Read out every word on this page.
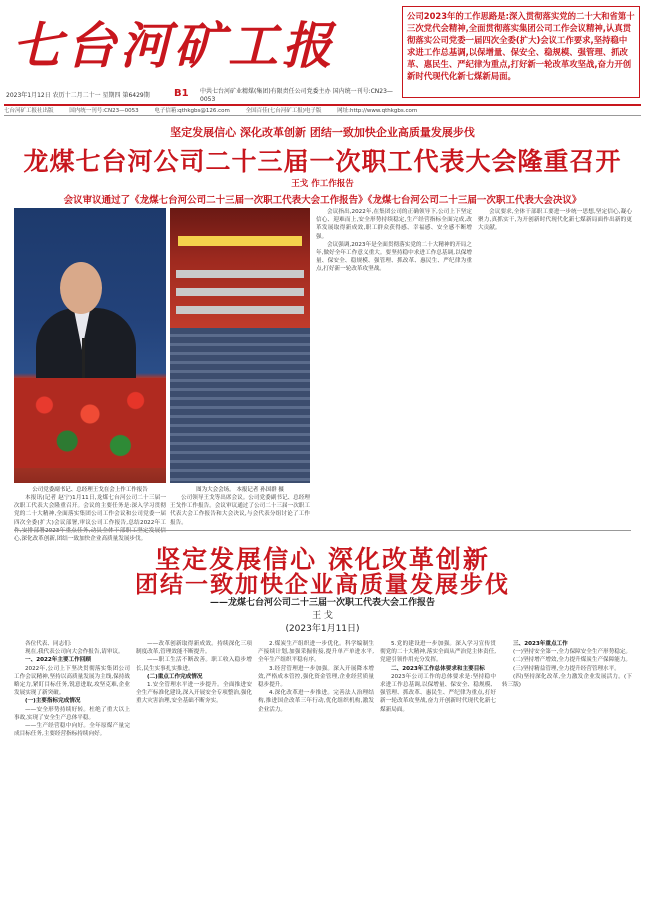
七台河矿工报
2023年1月12日 农历十二月二十一 星期四 第6429期 B1 中共七台河矿业精煤(集团)有限责任公司党委主办 国内统一刊号:CN23—0053
七台河矿工报社出版	国内统一刊号:CN23—0053	电子信箱:qthkgbs@126.com	全国百佳(七台河矿工报)电子版	网址:http://www.qthkgbs.com
公司2023年的工作思路是:深入贯彻落实党的二十大和省第十三次党代会精神,全面贯彻落实集团公司工作会议精神,认真贯彻落实公司党委一届四次全委(扩大)会议工作要求,坚持稳中求进工作总基调,以保增量、保安全、稳规模、强管理、抓改革、惠民生、严纪律为重点,打好新一轮改革攻坚战,奋力开创新时代现代化新七煤新局面。
坚定发展信心 深化改革创新 团结一致加快企业高质量发展步伐
龙煤七台河公司二十三届一次职工代表大会隆重召开
王戈 作工作报告
会议审议通过了《龙煤七台河公司二十三届一次职工代表大会工作报告》《龙煤七台河公司二十三届一次职工代表大会决议》
公司党委副书记、总经理王戈在会上作工作报告	图为大会会场。 本报记者 孙国群 摄

本报讯(记者 赵宁)1月11日,龙煤七台河公司二十三届一次职工代表大会隆重召开。会议的主要任务是:深入学习贯彻党的二十大精神,全面落实集团公司工作会议和公司党委一届四次全委(扩大)会议部署,审议公司工作报告,总结2022年工 心,深化改革创新,团结一致加快企业高质量发展步伐。

公司领导王戈等出席会议。公司党委副书记、总经理王戈作工作报告。会议审议通过了公司二十三届一次职工代表大会工作报告和大会决议,与会代表分组讨论了工作报告。

会议指出,2022年,在集团公司的正确领导下,公司上下坚定信心、迎难而上,安全形势持续稳定,生产经营指标全面完成,改革发展取得新成效,职工群众获得感、幸福感、安全感不断增强。

会议强调,2023年是全面贯彻落实党的二十大精神的开局之年,做好全年工作意义重大。要坚持稳中求进工作总基调,以保增量、保安全、稳规模、强管理、抓改革、惠民生、严纪律为重点,打好新一轮改革攻坚战。

会议要求,全体干部职工要进一步统一思想,坚定信心,凝心聚力,真抓实干,为开创新时代现代化新七煤新局面作出新的更大贡献。

坚定发展信心 深化改革创新
团结一致加快企业高质量发展步伐
——龙煤七台河公司二十三届一次职工代表大会工作报告
王 戈
(2023年1月11日)

各位代表、同志们:

现在,我代表公司向大会作报告,请审议。

一、2022年主要工作回顾

2022年,公司上下坚决贯彻落实集团公司工作会议精神,坚持以高质量发展为主线,保持战略定力,紧盯目标任务,锐意进取,攻坚克难,企业发展实现了新突破。

(一)主要指标完成情况

——安全形势持续好转。杜绝了重大以上事故,实现了安全生产总体平稳。

——生产经营稳中向好。全年原煤产量完成目标任务,主要经营指标持续向好。

——改革创新取得新成效。持续深化三项制度改革,管理效能不断提升。

——职工生活不断改善。职工收入稳步增长,民生实事扎实推进。

(二)重点工作完成情况

1.安全管理水平进一步提升。全面推进安全生产标准化建设,深入开展安全专项整治,强化重大灾害治理,安全基础不断夯实。

2.煤炭生产组织进一步优化。科学编制生产接续计划,加强采掘衔接,提升单产单进水平,全年生产组织平稳有序。

3.经营管理进一步加强。深入开展降本增效,严格成本管控,强化资金管理,企业经营质量稳步提升。

4.深化改革进一步推进。完善法人治理结构,推进国企改革三年行动,优化组织机构,激发企业活力。

5.党的建设进一步加强。深入学习宣传贯彻党的二十大精神,落实全面从严治党主体责任,党建引领作用充分发挥。

二、2023年工作总体要求和主要目标

2023年公司工作的总体要求是:坚持稳中求进工作总基调,以保增量、保安全、稳规模、强管理、抓改革、惠民生、严纪律为重点,打好新一轮改革攻坚战,奋力开创新时代现代化新七煤新局面。

三、2023年重点工作

(一)坚持安全第一,全力保障安全生产形势稳定。

(二)坚持增产增效,全力提升煤炭生产保障能力。

(三)坚持精益管理,全力提升经营管理水平。

(四)坚持深化改革,全力激发企业发展活力。(下转三版)
